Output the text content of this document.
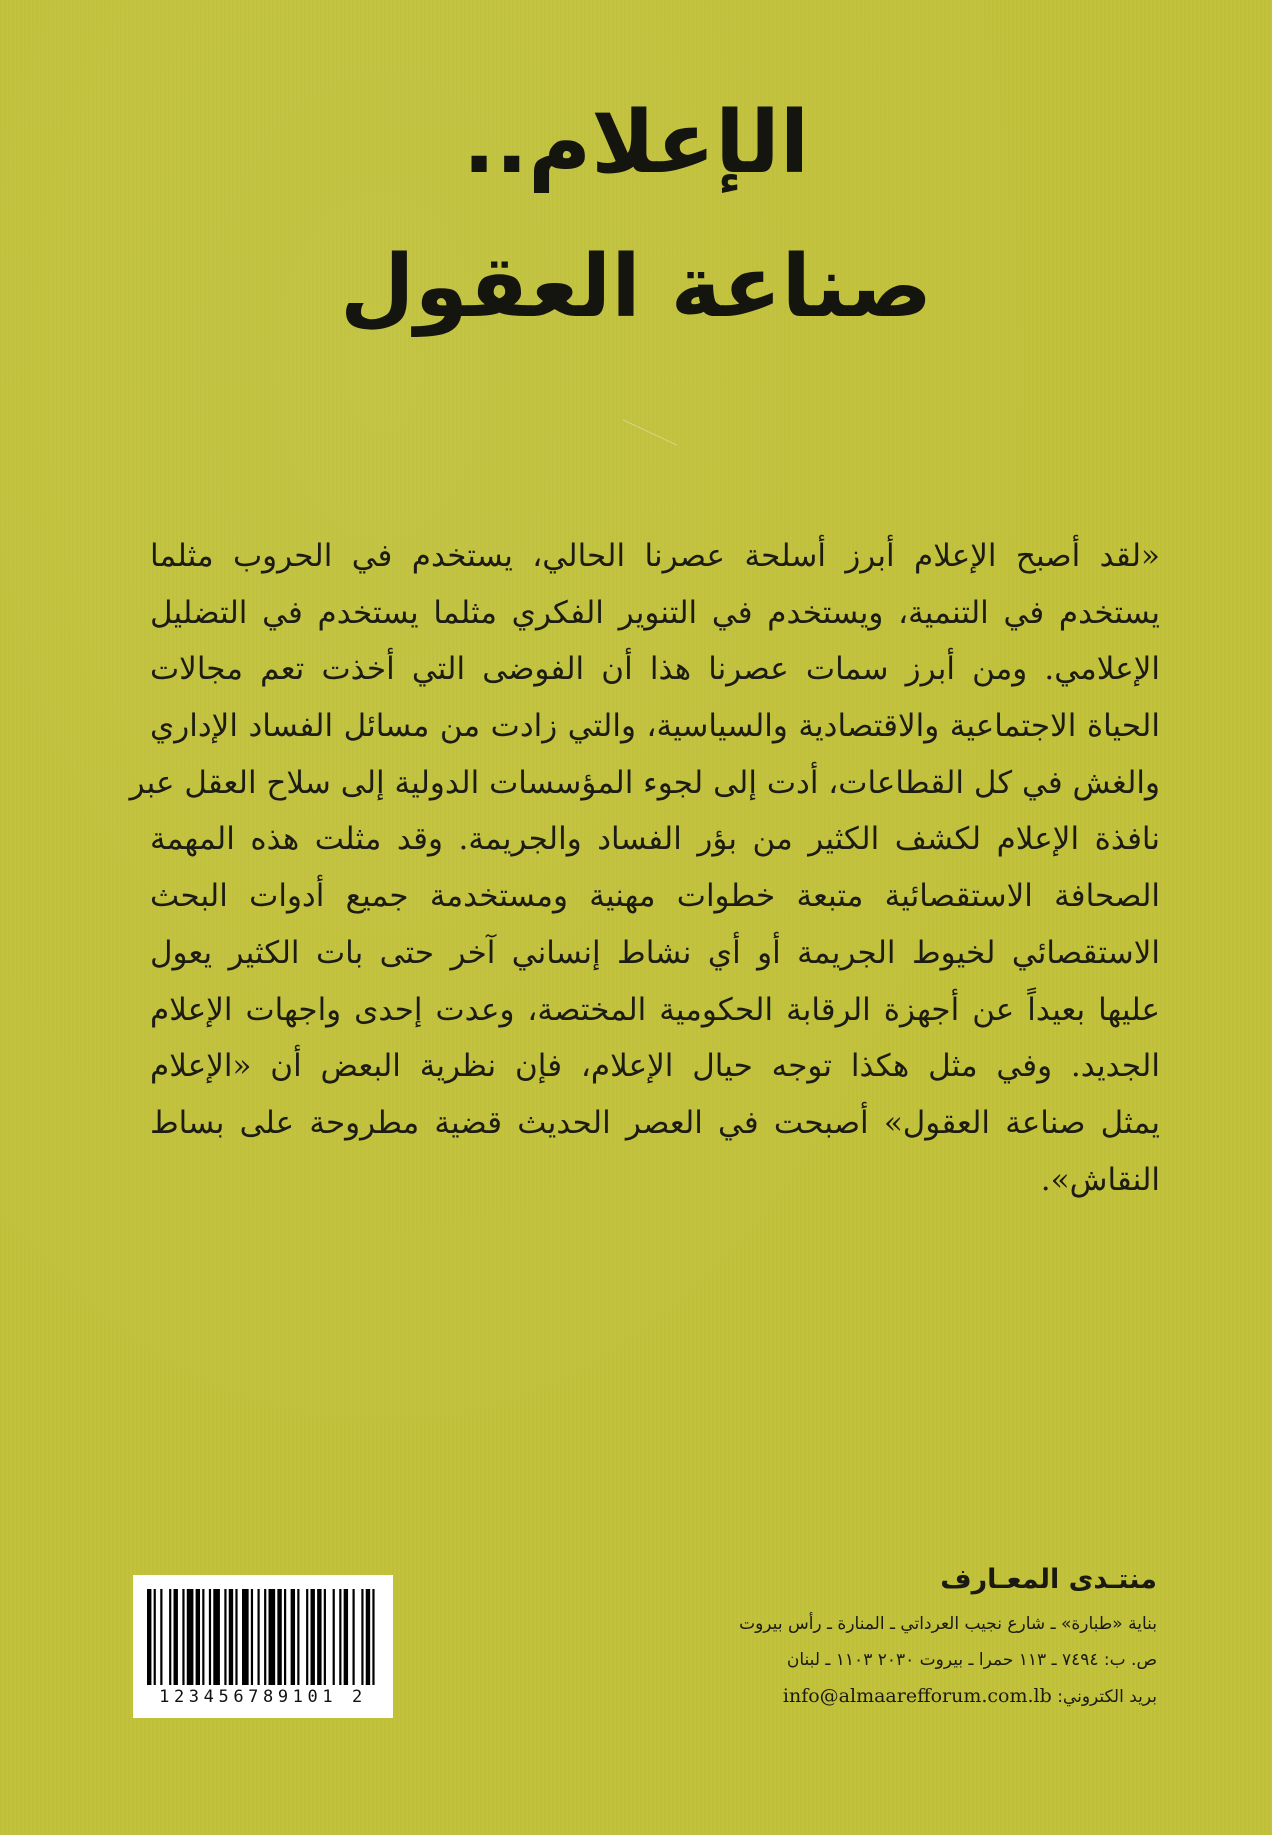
الإعلام..
صناعة العقول
«لقد أصبح الإعلام أبرز أسلحة عصرنا الحالي، يستخدم في الحروب مثلما
يستخدم في التنمية، ويستخدم في التنوير الفكري مثلما يستخدم في التضليل
الإعلامي. ومن أبرز سمات عصرنا هذا أن الفوضى التي أخذت تعم مجالات
الحياة الاجتماعية والاقتصادية والسياسية، والتي زادت من مسائل الفساد الإداري
والغش في كل القطاعات، أدت إلى لجوء المؤسسات الدولية إلى سلاح العقل عبر
نافذة الإعلام لكشف الكثير من بؤر الفساد والجريمة. وقد مثلت هذه المهمة
الصحافة الاستقصائية متبعة خطوات مهنية ومستخدمة جميع أدوات البحث
الاستقصائي لخيوط الجريمة أو أي نشاط إنساني آخر حتى بات الكثير يعول
عليها بعيداً عن أجهزة الرقابة الحكومية المختصة، وعدت إحدى واجهات الإعلام
الجديد. وفي مثل هكذا توجه حيال الإعلام، فإن نظرية البعض أن «الإعلام
يمثل صناعة العقول» أصبحت في العصر الحديث قضية مطروحة على بساط
النقاش».
منتـدى المعـارف
بناية «طبارة» ـ شارع نجيب العرداتي ـ المنارة ـ رأس بيروت
ص. ب: ٧٤٩٤ ـ ١١٣ حمرا ـ بيروت ٢٠٣٠ ١١٠٣ ـ لبنان
بريد الكتروني: info@almaarefforum.com.lb
123456789101 2
